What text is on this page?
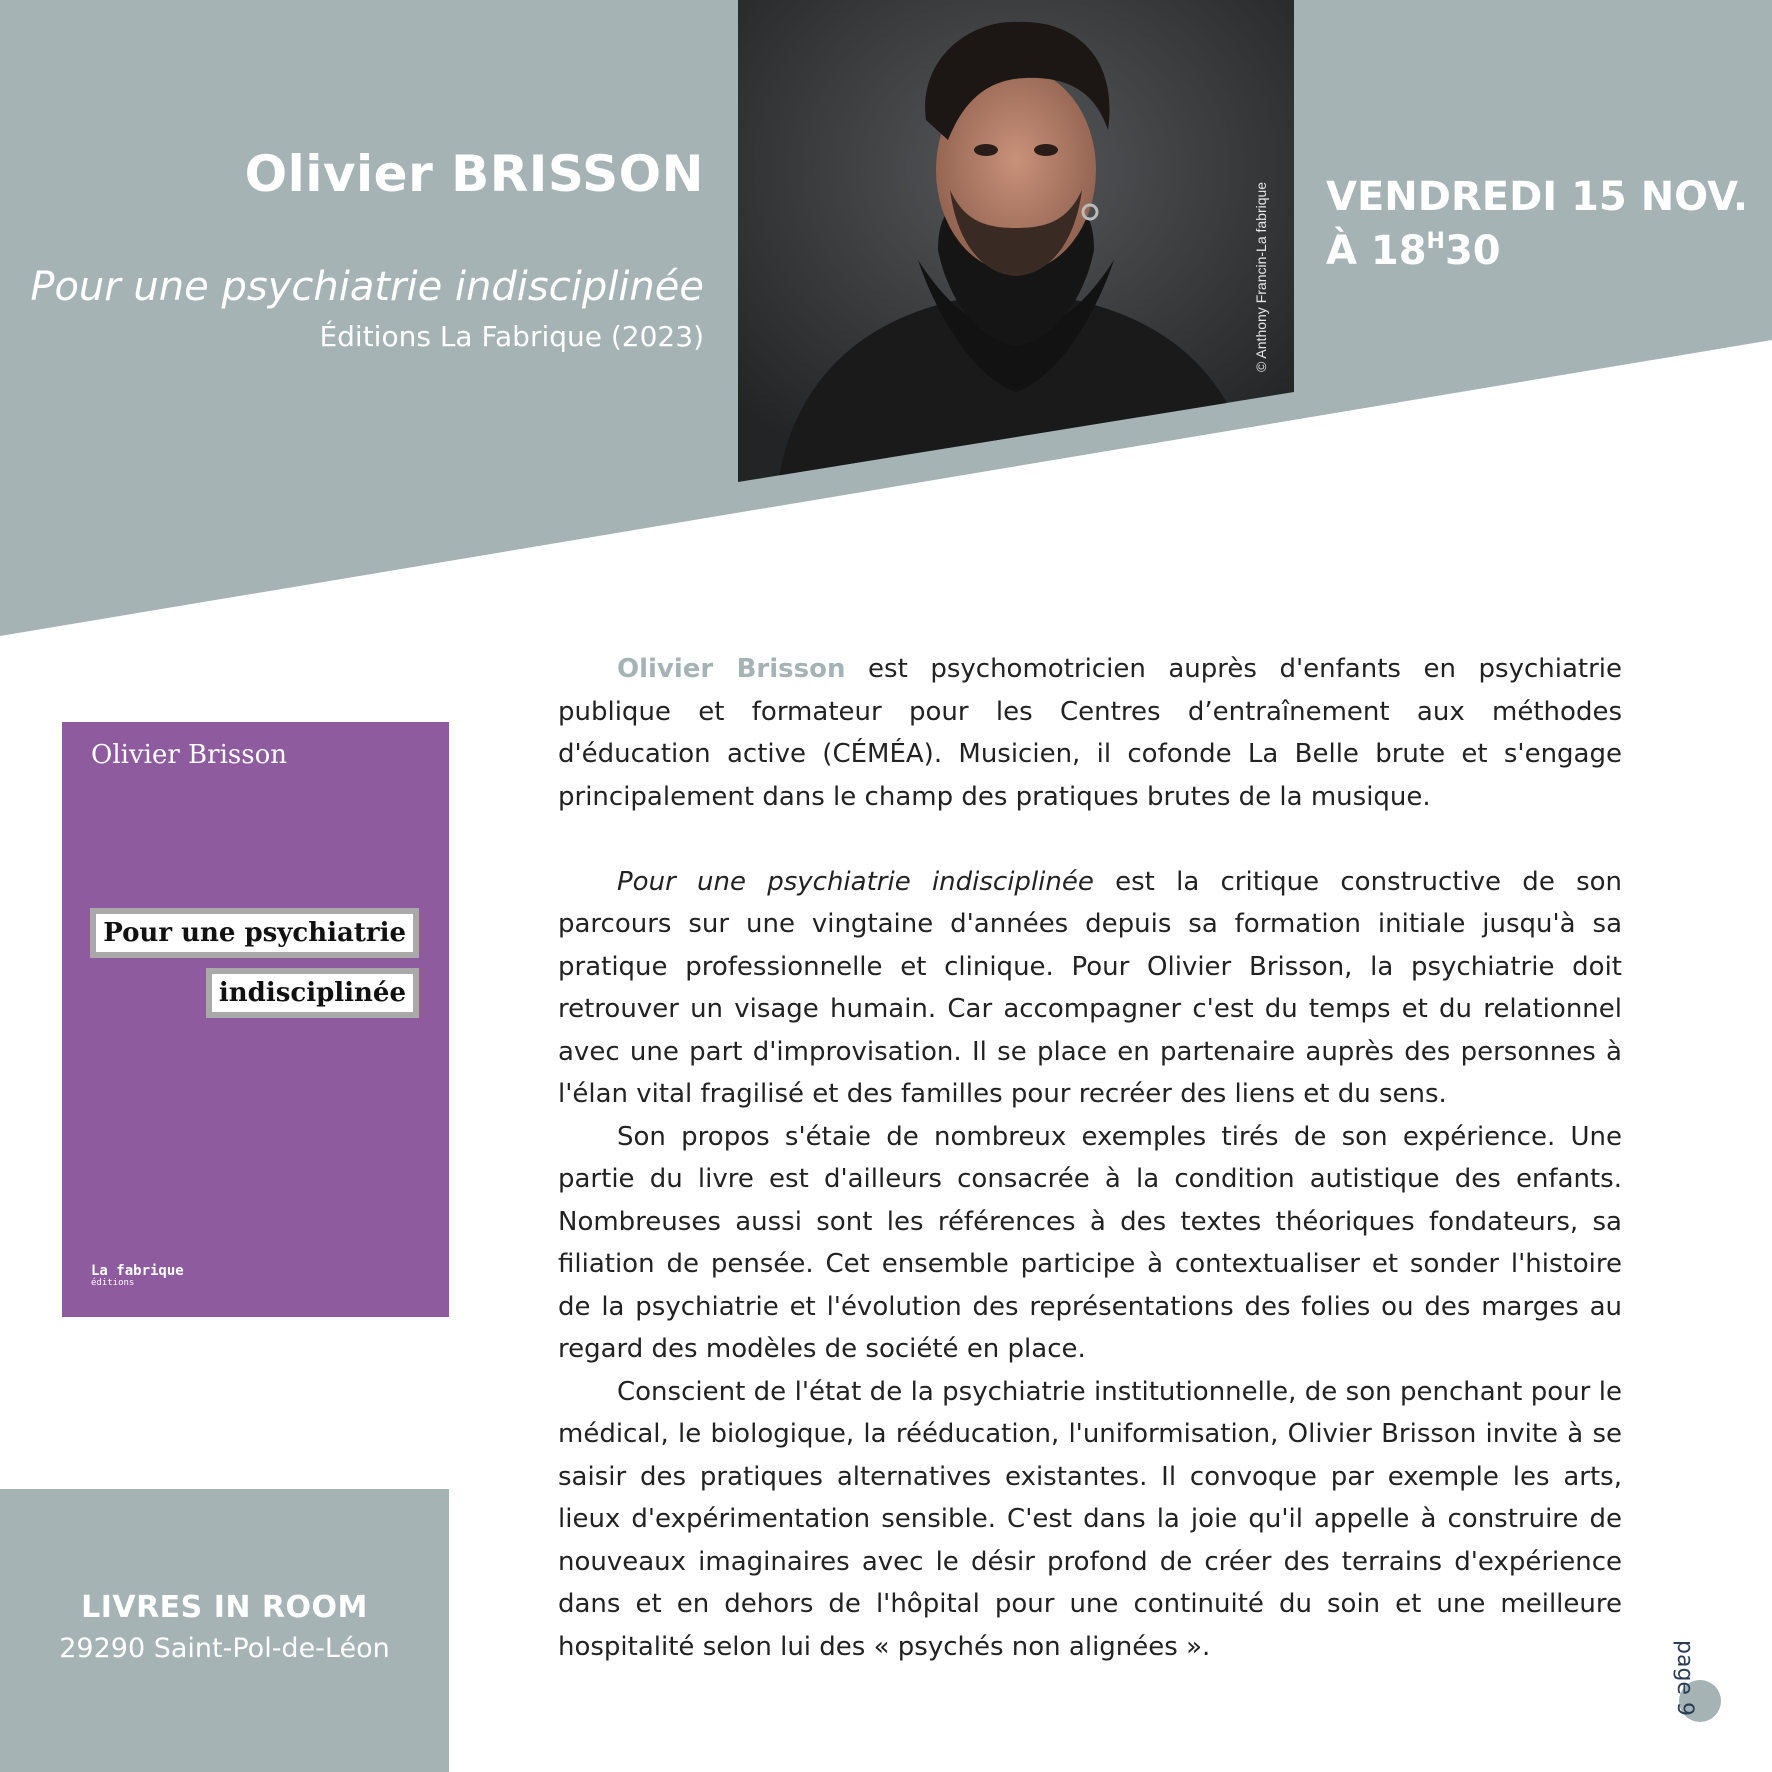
Olivier BRISSON
Pour une psychiatrie indisciplinée
Éditions La Fabrique (2023)	© Anthony Francin-La fabrique VENDREDI 15 NOV.
À $18^H30$
Olivier Brisson
Pour une psychiatrie
indisciplinée
La fabrique
éditions
LIVRES IN ROOM
29290 Saint-Pol-de-Léon

Olivier Brisson est psychomotricien auprès d'enfants en psychiatrie publique et formateur pour les Centres d’entraînement aux méthodes d'éducation active (CÉMÉA). Musicien, il cofonde La Belle brute et s'engage principalement dans le champ des pratiques brutes de la musique.

Pour une psychiatrie indisciplinée est la critique constructive de son parcours sur une vingtaine d'années depuis sa formation initiale jusqu'à sa pratique professionnelle et clinique. Pour Olivier Brisson, la psychiatrie doit retrouver un visage humain. Car accompagner c'est du temps et du relationnel avec une part d'improvisation. Il se place en partenaire auprès des personnes à l'élan vital fragilisé et des familles pour recréer des liens et du sens.

Son propos s'étaie de nombreux exemples tirés de son expérience. Une partie du livre est d'ailleurs consacrée à la condition autistique des enfants. Nombreuses aussi sont les références à des textes théoriques fondateurs, sa filiation de pensée. Cet ensemble participe à contextualiser et sonder l'histoire de la psychiatrie et l'évolution des représentations des folies ou des marges au regard des modèles de société en place.

Conscient de l'état de la psychiatrie institutionnelle, de son penchant pour le médical, le biologique, la rééducation, l'uniformisation, Olivier Brisson invite à se saisir des pratiques alternatives existantes. Il convoque par exemple les arts, lieux d'expérimentation sensible. C'est dans la joie qu'il appelle à construire de nouveaux imaginaires avec le désir profond de créer des terrains d'expérience dans et en dehors de l'hôpital pour une continuité du soin et une meilleure hospitalité selon lui des « psychés non alignées ».	page 9
